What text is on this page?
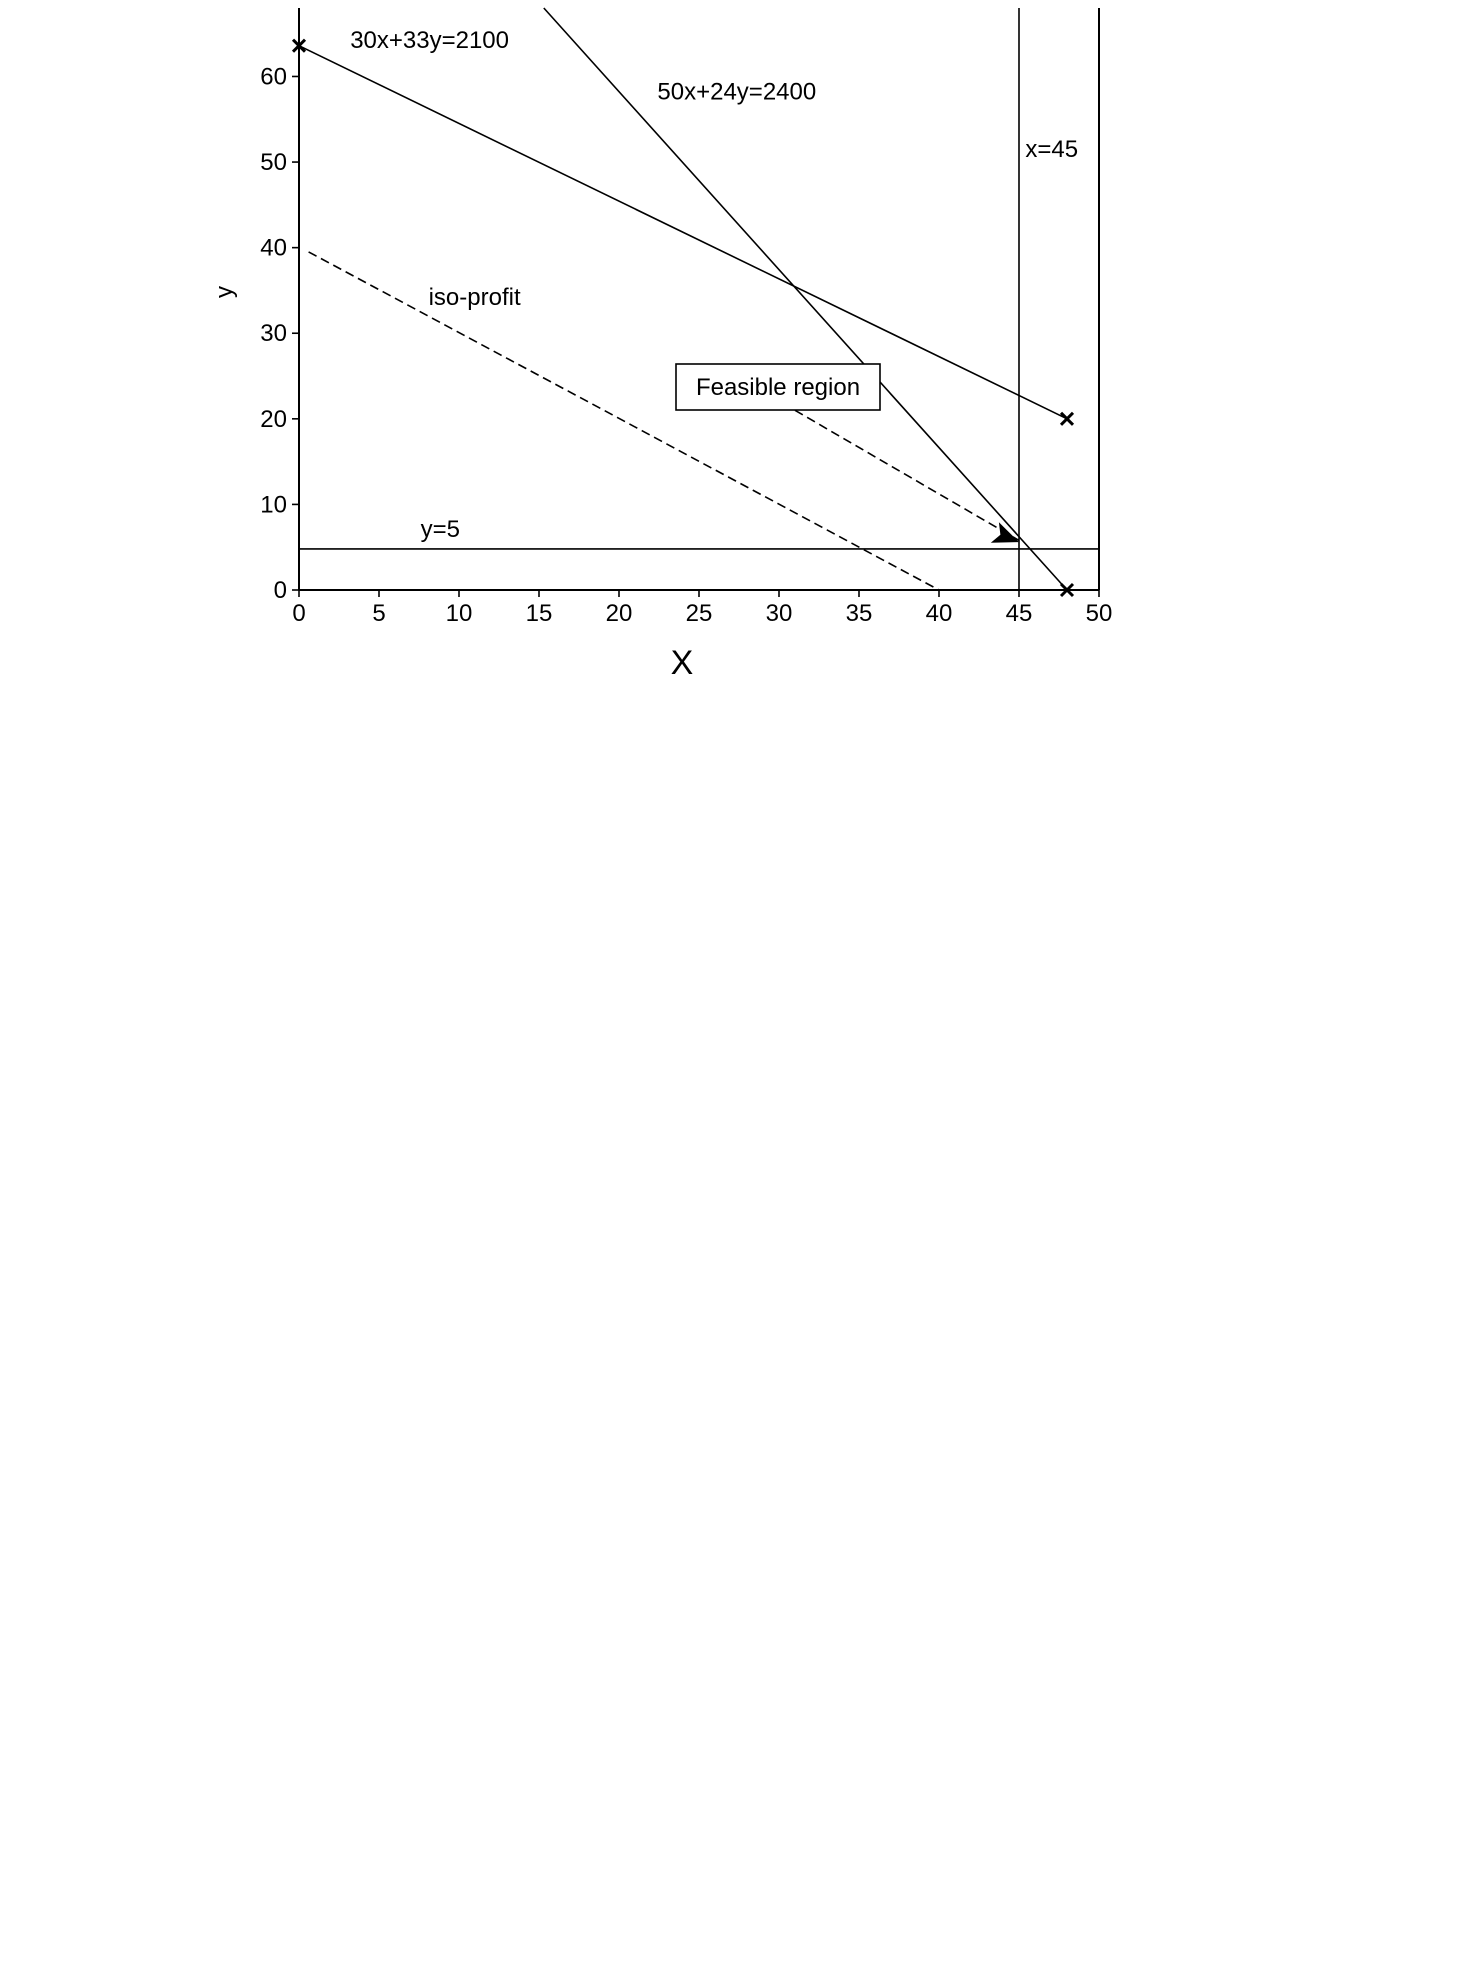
0	5 10 15 20 25 30 35 40 45 50
0
10
20
30
40
50
60
30x+33y=2100
50x+24y=2400
x=45
iso-profit
y=5
Feasible region
X
y
